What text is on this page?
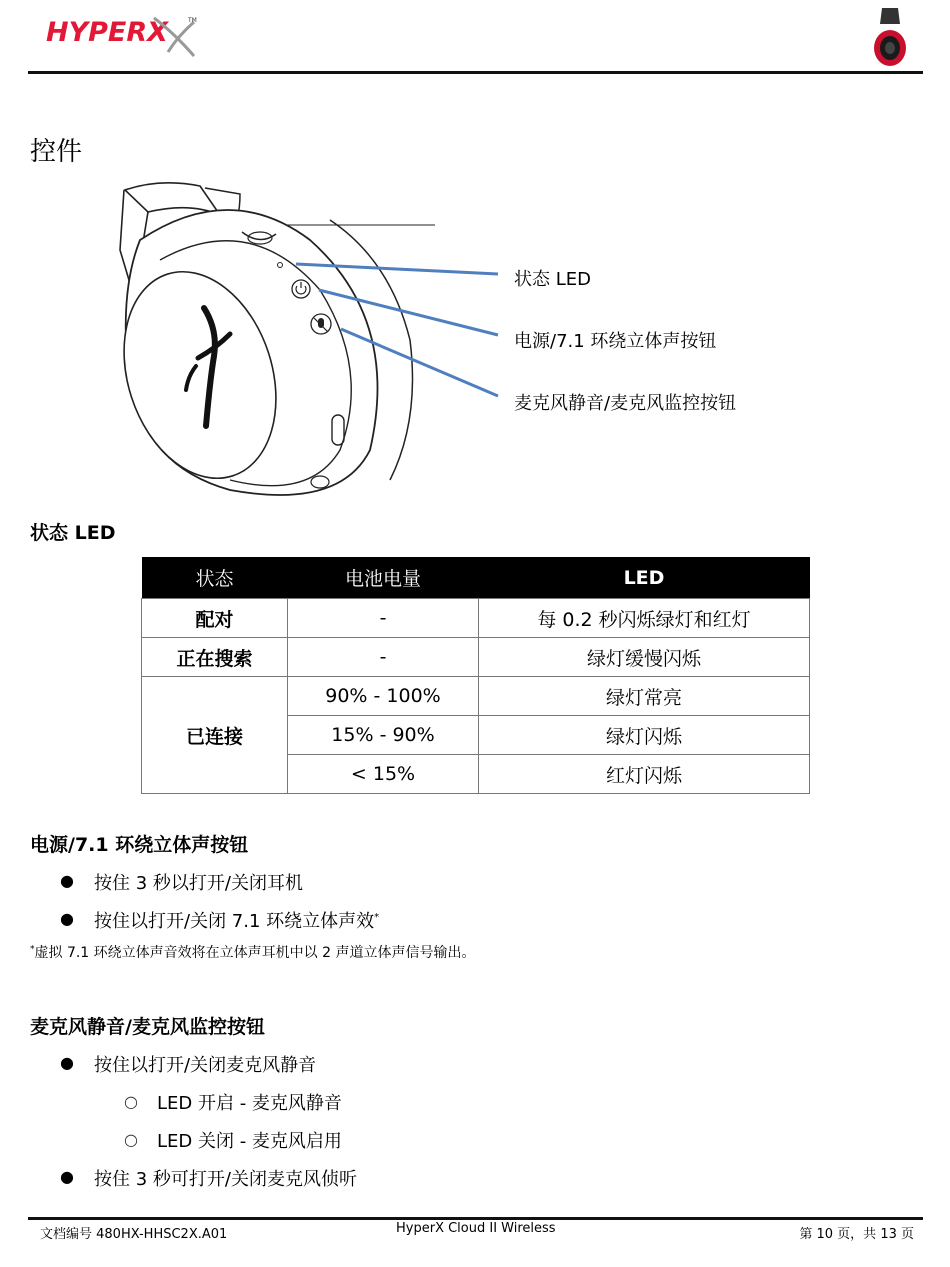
HYPERX	TM
控件
状态 LED
电源/7.1 环绕立体声按钮
麦克风静音/麦克风监控按钮
状态 LED
状态	电池电量	LED
配对	-	每 0.2 秒闪烁绿灯和红灯
正在搜索	-	绿灯缓慢闪烁
已连接	90% - 100%	绿灯常亮
	15% - 90%	绿灯闪烁
	< 15%	红灯闪烁
电源/7.1 环绕立体声按钮
● 按住 3 秒以打开/关闭耳机
● 按住以打开/关闭 7.1 环绕立体声效*
*虚拟 7.1 环绕立体声音效将在立体声耳机中以 2 声道立体声信号输出。
麦克风静音/麦克风监控按钮
● 按住以打开/关闭麦克风静音
○ LED 开启 - 麦克风静音
○ LED 关闭 - 麦克风启用
● 按住 3 秒可打开/关闭麦克风侦听
文档编号 480HX-HHSC2X.A01	HyperX Cloud II Wireless	第 10 页，共 13 页
